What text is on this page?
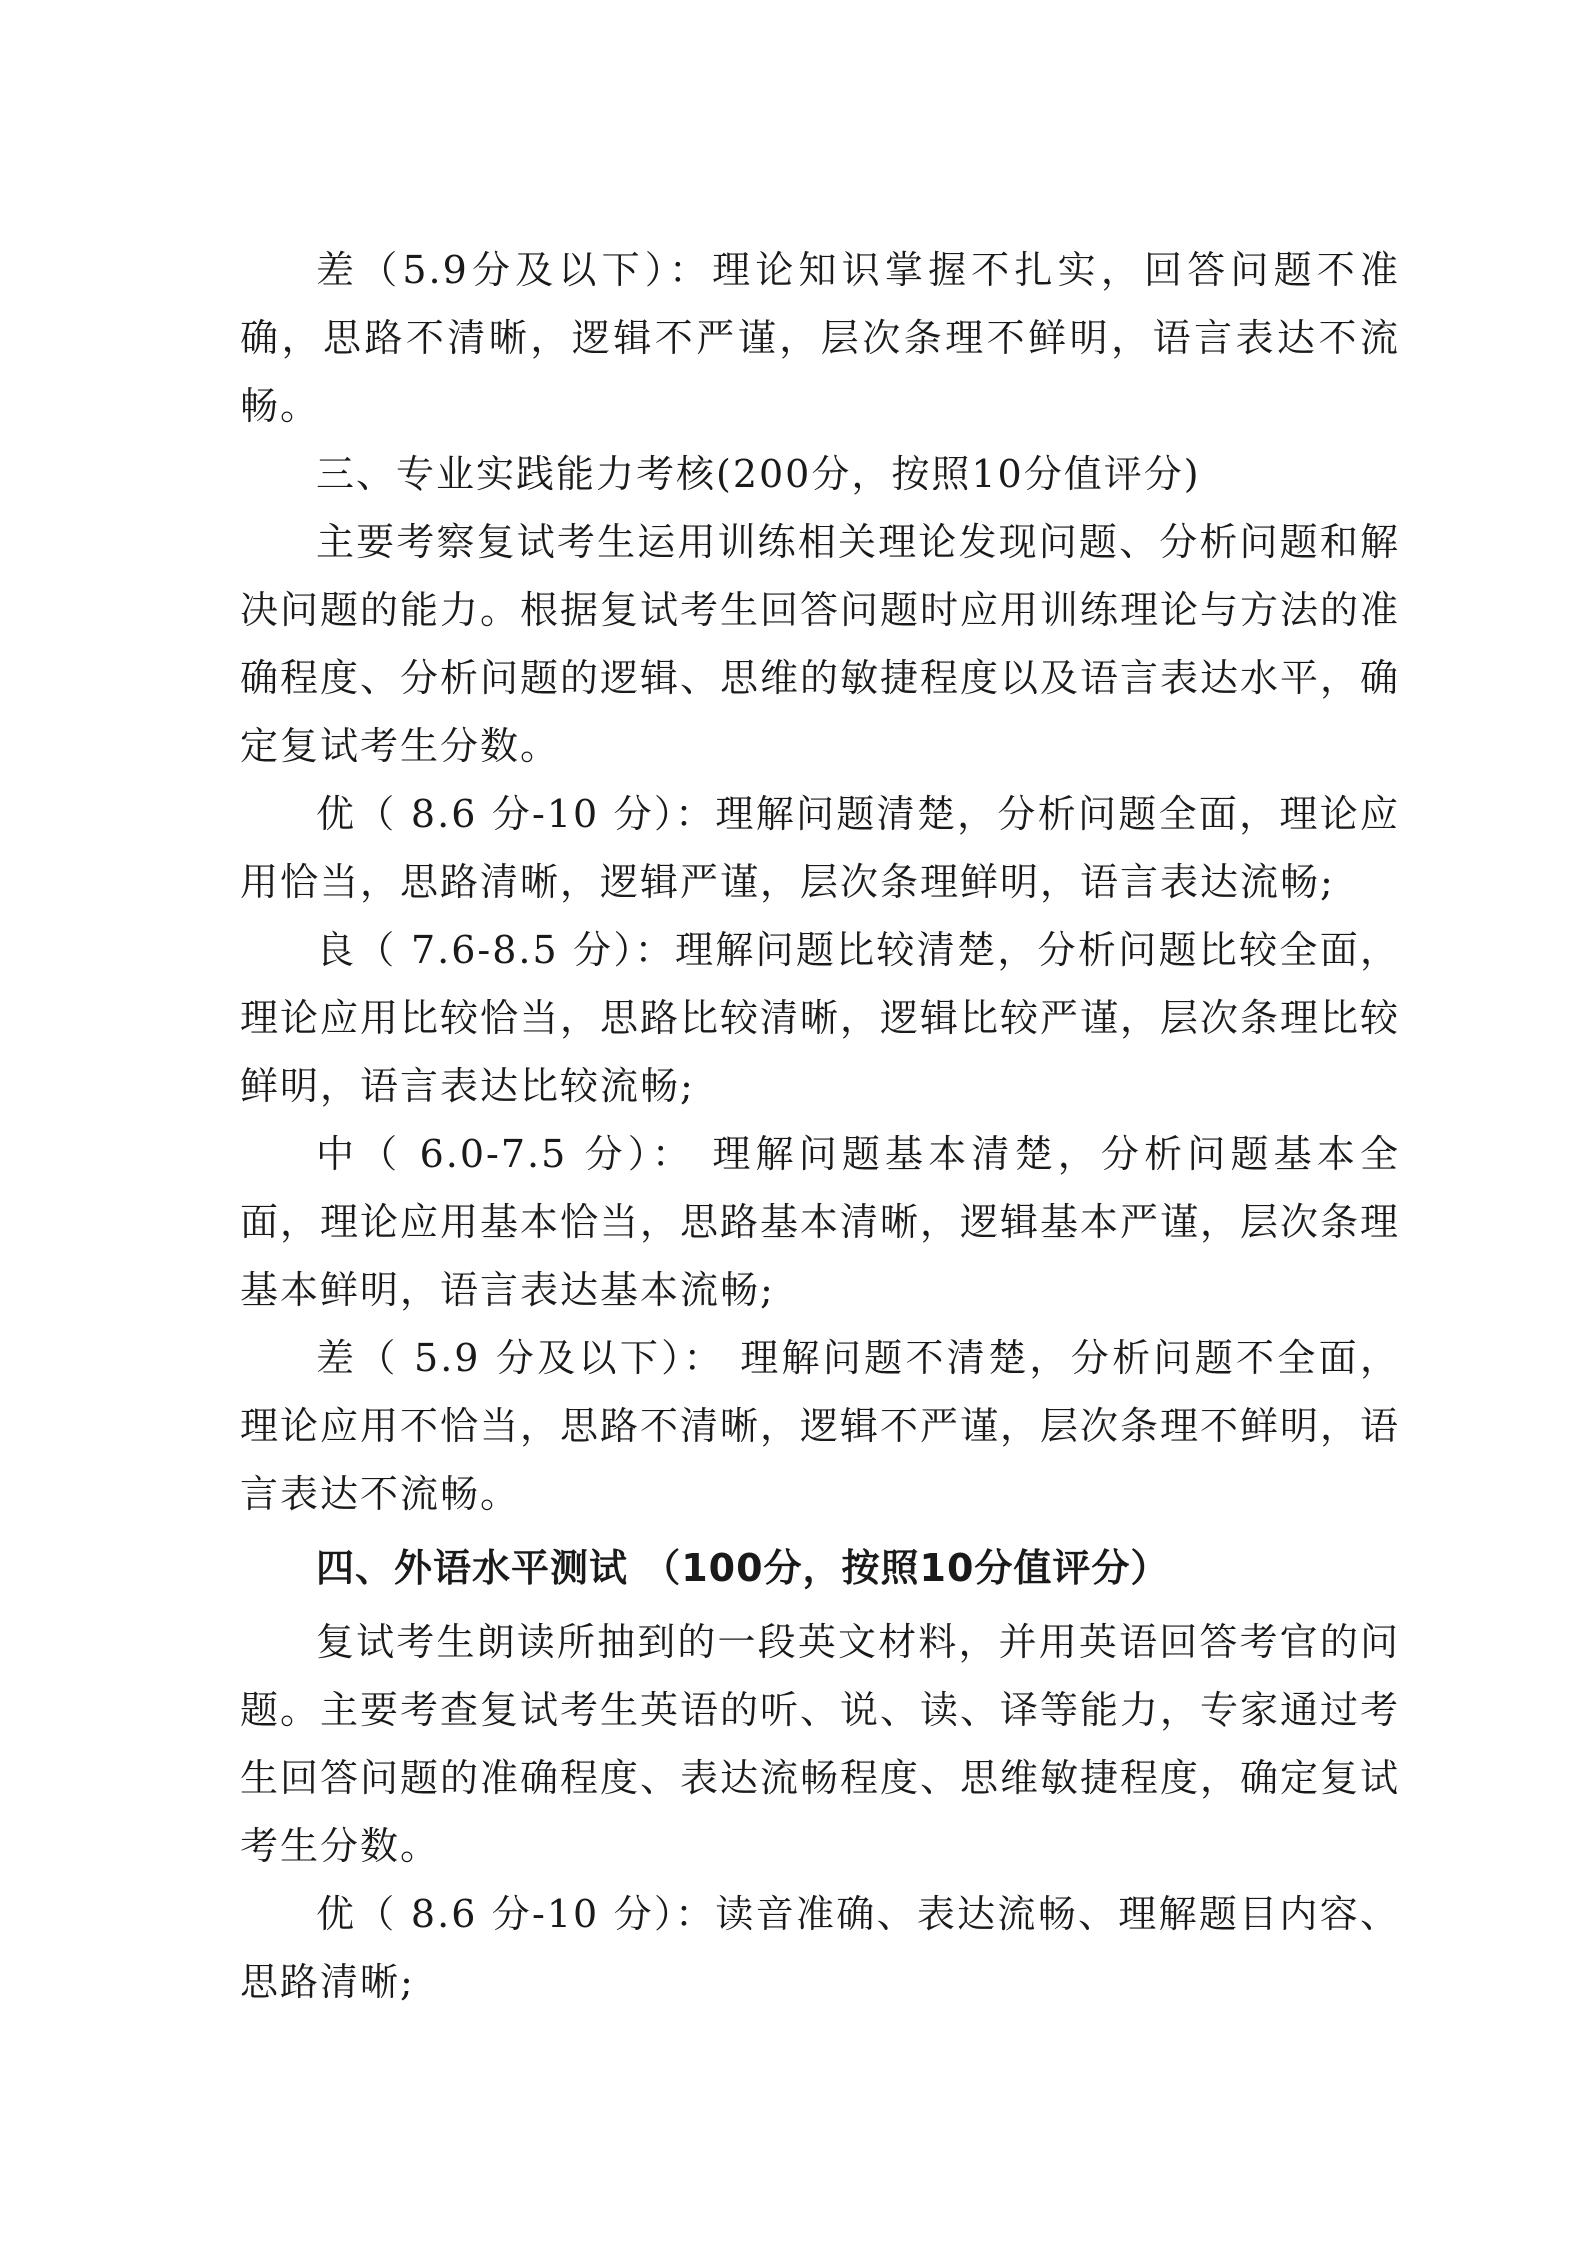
差（5.9分及以下）：理论知识掌握不扎实，回答问题不准确，思路不清晰，逻辑不严谨，层次条理不鲜明，语言表达不流畅。

三、专业实践能力考核(200分，按照10分值评分)

主要考察复试考生运用训练相关理论发现问题、分析问题和解决问题的能力。根据复试考生回答问题时应用训练理论与方法的准确程度、分析问题的逻辑、思维的敏捷程度以及语言表达水平，确定复试考生分数。

优（ 8.6 分-10 分）：理解问题清楚，分析问题全面，理论应用恰当，思路清晰，逻辑严谨，层次条理鲜明，语言表达流畅;

良（ 7.6-8.5 分）：理解问题比较清楚，分析问题比较全面，理论应用比较恰当，思路比较清晰，逻辑比较严谨，层次条理比较鲜明，语言表达比较流畅;

中（ 6.0-7.5 分）： 理解问题基本清楚，分析问题基本全面，理论应用基本恰当，思路基本清晰，逻辑基本严谨，层次条理基本鲜明，语言表达基本流畅;

差（ 5.9 分及以下）： 理解问题不清楚，分析问题不全面，理论应用不恰当，思路不清晰，逻辑不严谨，层次条理不鲜明，语言表达不流畅。

四、外语水平测试 （100分，按照10分值评分）

复试考生朗读所抽到的一段英文材料，并用英语回答考官的问题。主要考查复试考生英语的听、说、读、译等能力，专家通过考生回答问题的准确程度、表达流畅程度、思维敏捷程度，确定复试考生分数。

优（ 8.6 分-10 分）：读音准确、表达流畅、理解题目内容、思路清晰;
